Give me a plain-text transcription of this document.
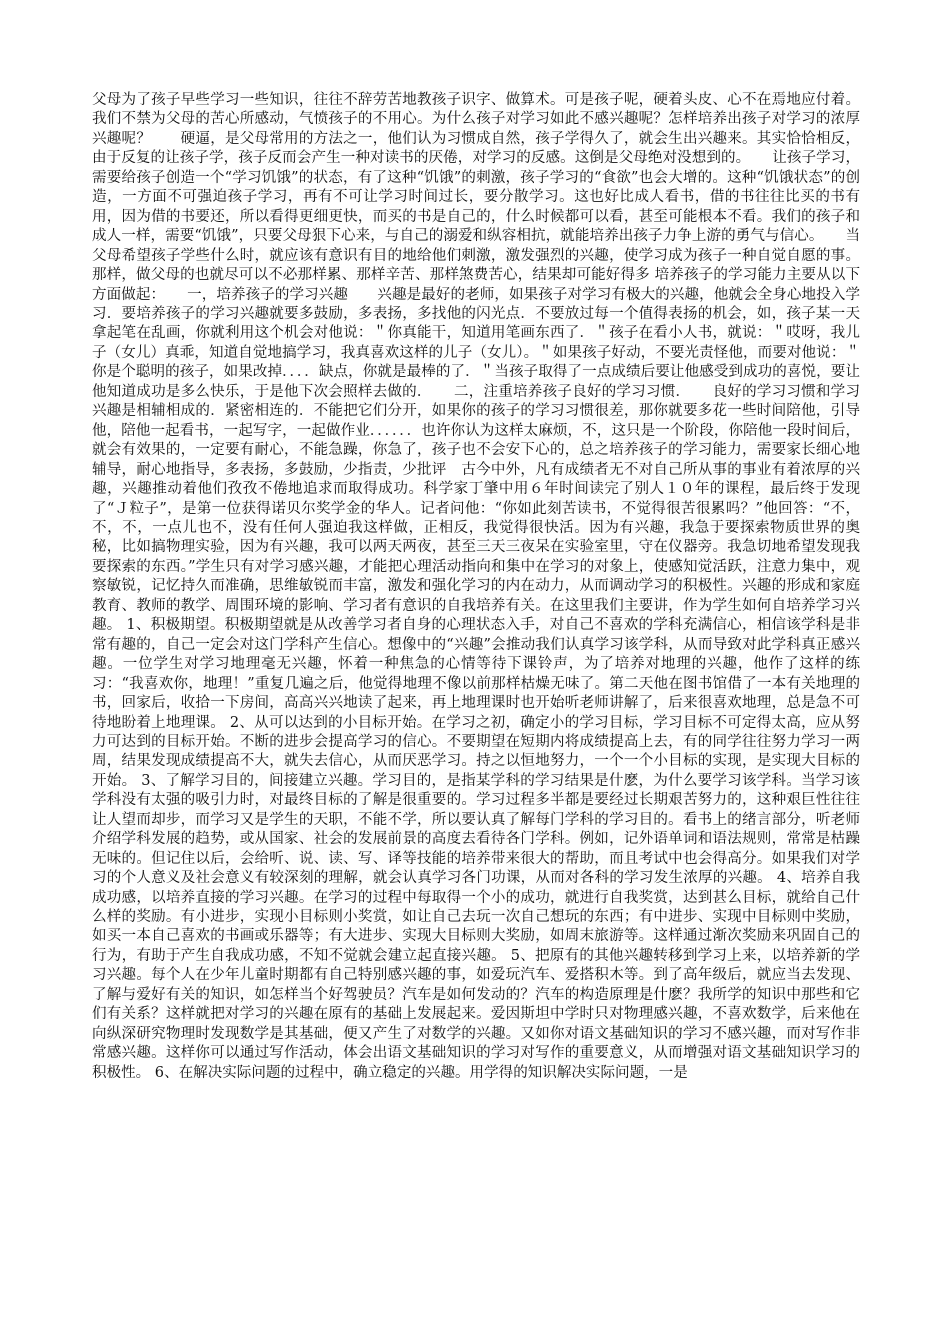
父母为了孩子早些学习一些知识，往往不辞劳苦地教孩子识字、做算术。可是孩子呢，硬着头皮、心不在焉地应付着。我们不禁为父母的苦心所感动，气愤孩子的不用心。为什么孩子对学习如此不感兴趣呢？怎样培养出孩子对学习的浓厚兴趣呢？　　硬逼，是父母常用的方法之一，他们认为习惯成自然，孩子学得久了，就会生出兴趣来。其实恰恰相反，由于反复的让孩子学，孩子反而会产生一种对读书的厌倦，对学习的反感。这倒是父母绝对没想到的。　　让孩子学习，需要给孩子创造一个“学习饥饿”的状态，有了这种“饥饿”的刺激，孩子学习的“食欲”也会大增的。这种“饥饿状态”的创造，一方面不可强迫孩子学习，再有不可让学习时间过长，要分散学习。这也好比成人看书，借的书往往比买的书有用，因为借的书要还，所以看得更细更快，而买的书是自己的，什么时候都可以看，甚至可能根本不看。我们的孩子和成人一样，需要“饥饿”，只要父母狠下心来，与自己的溺爱和纵容相抗，就能培养出孩子力争上游的勇气与信心。　　当父母希望孩子学些什么时，就应该有意识有目的地给他们刺激，激发强烈的兴趣，使学习成为孩子一种自觉自愿的事。那样，做父母的也就尽可以不必那样累、那样辛苦、那样煞费苦心，结果却可能好得多 培养孩子的学习能力主要从以下方面做起：　　一，培养孩子的学习兴趣　　兴趣是最好的老师，如果孩子对学习有极大的兴趣，他就会全身心地投入学习．要培养孩子的学习兴趣就要多鼓励，多表扬，多找他的闪光点．不要放过每一个值得表扬的机会，如，孩子某一天拿起笔在乱画，你就利用这个机会对他说：＂你真能干，知道用笔画东西了．＂孩子在看小人书，就说：＂哎呀，我儿子（女儿）真乖，知道自觉地搞学习，我真喜欢这样的儿子（女儿）。＂如果孩子好动，不要光责怪他，而要对他说：＂你是个聪明的孩子，如果改掉．．．．缺点，你就是最棒的了．＂当孩子取得了一点成绩后要让他感受到成功的喜悦，要让他知道成功是多么快乐，于是他下次会照样去做的．　　二，注重培养孩子良好的学习习惯．　　良好的学习习惯和学习兴趣是相辅相成的．紧密相连的．不能把它们分开，如果你的孩子的学习习惯很差，那你就要多花一些时间陪他，引导他，陪他一起看书，一起写字，一起做作业．．．．．．也许你认为这样太麻烦，不，这只是一个阶段，你陪他一段时间后，就会有效果的，一定要有耐心，不能急躁，你急了，孩子也不会安下心的，总之培养孩子的学习能力，需要家长细心地辅导，耐心地指导，多表扬，多鼓励，少指责，少批评　古今中外，凡有成绩者无不对自己所从事的事业有着浓厚的兴趣，兴趣推动着他们孜孜不倦地追求而取得成功。科学家丁肇中用６年时间读完了别人１０年的课程，最后终于发现了“Ｊ粒子”，是第一位获得诺贝尔奖学金的华人。记者问他：“你如此刻苦读书，不觉得很苦很累吗？”他回答：“不，不，不，一点儿也不，没有任何人强迫我这样做，正相反，我觉得很快活。因为有兴趣，我急于要探索物质世界的奥秘，比如搞物理实验，因为有兴趣，我可以两天两夜，甚至三天三夜呆在实验室里，守在仪器旁。我急切地希望发现我要探索的东西。”学生只有对学习感兴趣，才能把心理活动指向和集中在学习的对象上，使感知觉活跃，注意力集中，观察敏锐，记忆持久而准确，思维敏锐而丰富，激发和强化学习的内在动力，从而调动学习的积极性。兴趣的形成和家庭教育、教师的教学、周围环境的影响、学习者有意识的自我培养有关。在这里我们主要讲，作为学生如何自培养学习兴趣。 1、积极期望。积极期望就是从改善学习者自身的心理状态入手，对自己不喜欢的学科充满信心，相信该学科是非常有趣的，自己一定会对这门学科产生信心。想像中的“兴趣”会推动我们认真学习该学科，从而导致对此学科真正感兴趣。一位学生对学习地理毫无兴趣，怀着一种焦急的心情等待下课铃声，为了培养对地理的兴趣，他作了这样的练习：“我喜欢你，地理！”重复几遍之后，他觉得地理不像以前那样枯燥无味了。第二天他在图书馆借了一本有关地理的书，回家后，收拾一下房间，高高兴兴地读了起来，再上地理课时也开始听老师讲解了，后来很喜欢地理，总是急不可待地盼着上地理课。 2、从可以达到的小目标开始。在学习之初，确定小的学习目标，学习目标不可定得太高，应从努力可达到的目标开始。不断的进步会提高学习的信心。不要期望在短期内将成绩提高上去，有的同学往往努力学习一两周，结果发现成绩提高不大，就失去信心，从而厌恶学习。持之以恒地努力，一个一个小目标的实现，是实现大目标的开始。 3、了解学习目的，间接建立兴趣。学习目的，是指某学科的学习结果是什麽，为什么要学习该学科。当学习该学科没有太强的吸引力时，对最终目标的了解是很重要的。学习过程多半都是要经过长期艰苦努力的，这种艰巨性往往让人望而却步，而学习又是学生的天职，不能不学，所以要认真了解每门学科的学习目的。看书上的绪言部分，听老师介绍学科发展的趋势，或从国家、社会的发展前景的高度去看待各门学科。例如，记外语单词和语法规则，常常是枯躁无味的。但记住以后，会给听、说、读、写、译等技能的培养带来很大的帮助，而且考试中也会得高分。如果我们对学习的个人意义及社会意义有较深刻的理解，就会认真学习各门功课，从而对各科的学习发生浓厚的兴趣。 4、培养自我成功感，以培养直接的学习兴趣。在学习的过程中每取得一个小的成功，就进行自我奖赏，达到甚么目标，就给自己什么样的奖励。有小进步，实现小目标则小奖赏，如让自己去玩一次自己想玩的东西；有中进步、实现中目标则中奖励，如买一本自己喜欢的书画或乐器等；有大进步、实现大目标则大奖励，如周末旅游等。这样通过渐次奖励来巩固自己的行为，有助于产生自我成功感，不知不觉就会建立起直接兴趣。 5、把原有的其他兴趣转移到学习上来，以培养新的学习兴趣。每个人在少年儿童时期都有自己特别感兴趣的事，如爱玩汽车、爱搭积木等。到了高年级后，就应当去发现、了解与爱好有关的知识，如怎样当个好驾驶员？汽车是如何发动的？汽车的构造原理是什麽？我所学的知识中那些和它们有关系？这样就把对学习的兴趣在原有的基础上发展起来。爱因斯坦中学时只对物理感兴趣，不喜欢数学，后来他在向纵深研究物理时发现数学是其基础，便又产生了对数学的兴趣。又如你对语文基础知识的学习不感兴趣，而对写作非常感兴趣。这样你可以通过写作活动，体会出语文基础知识的学习对写作的重要意义，从而增强对语文基础知识学习的积极性。 6、在解决实际问题的过程中，确立稳定的兴趣。用学得的知识解决实际问题，一是
